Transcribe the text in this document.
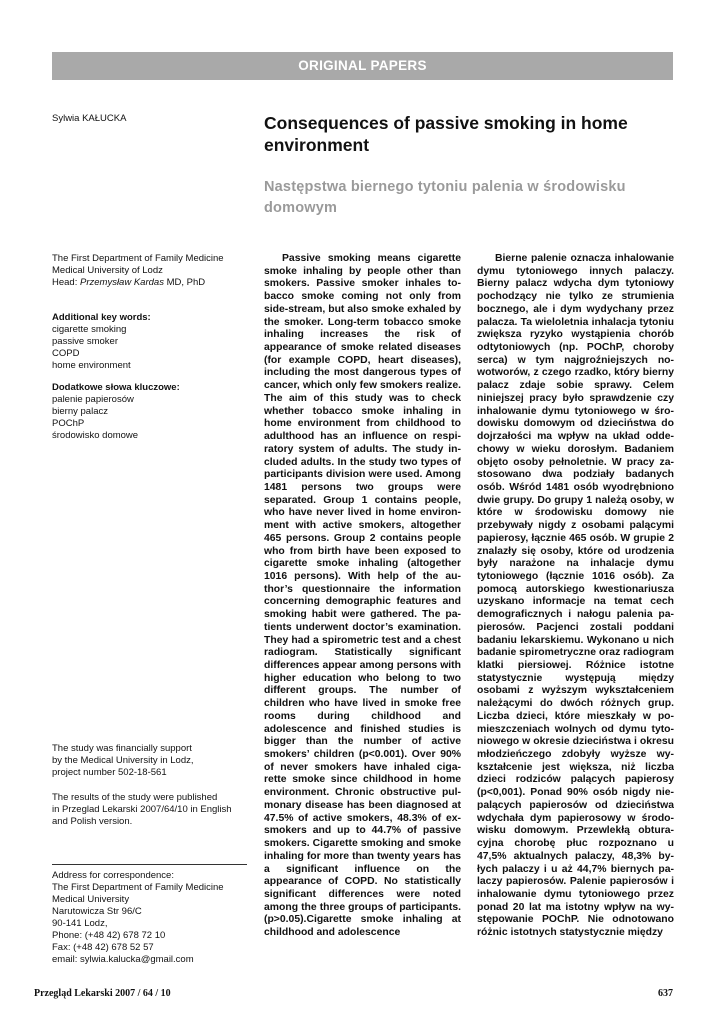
ORIGINAL PAPERS
Sylwia KAŁUCKA	Consequences of passive smoking in home environment
Następstwa biernego tytoniu palenia w środowisku domowym
The First Department of Family Medicine
Medical University of Lodz
Head: Przemysław Kardas MD, PhD
Additional key words:
cigarette smoking
passive smoker
COPD
home environment
Dodatkowe słowa kluczowe:
palenie papierosów
bierny palacz
POChP
środowisko domowe
The study was financially support
by the Medical University in Lodz,
project number 502-18-561
The results of the study were published
in Przeglad Lekarski 2007/64/10 in English
and Polish version.
Address for correspondence:
The First Department of Family Medicine
Medical University
Narutowicza Str 96/C
90-141 Lodz,
Phone: (+48 42) 678 72 10
Fax: (+48 42) 678 52 57
email: sylwia.kalucka@gmail.com

Passive smoking means cigarette smoke inhaling by people other than smokers. Passive smoker inhales tobacco smoke coming not only from side-stream, but also smoke exhaled by the smoker. Long-term tobacco smoke inhaling increases the risk of appearance of smoke related diseases (for example COPD, heart diseases), including the most dangerous types of cancer, which only few smokers realize. The aim of this study was to check whether tobacco smoke inhaling in home environment from childhood to adulthood has an influence on respiratory system of adults. The study included adults. In the study two types of participants division were used. Among 1481 persons two groups were separated. Group 1 contains people, who have never lived in home environment with active smokers, altogether 465 persons. Group 2 contains people who from birth have been exposed to cigarette smoke inhaling (altogether 1016 persons). With help of the author’s questionnaire the information concerning demographic features and smoking habit were gathered. The patients underwent doctor’s examination. They had a spirometric test and a chest radiogram. Statistically significant differences appear among persons with higher education who belong to two different groups. The number of children who have lived in smoke free rooms during childhood and adolescence and finished studies is bigger than the number of active smokers’ children (p<0.001). Over 90% of never smokers have inhaled cigarette smoke since childhood in home environment. Chronic obstructive pulmonary disease has been diagnosed at 47.5% of active smokers, 48.3% of ex-smokers and up to 44.7% of passive smokers. Cigarette smoking and smoke inhaling for more than twenty years has a significant influence on the appearance of COPD. No statistically significant differences were noted among the three groups of participants. (p>0.05).Cigarette smoke inhaling at childhood and adolescence

Bierne palenie oznacza inhalowanie dymu tytoniowego innych palaczy. Bierny palacz wdycha dym tytoniowy pochodzący nie tylko ze strumienia bocznego, ale i dym wydychany przez palacza. Ta wieloletnia inhalacja tytoniu zwiększa ryzyko wystąpienia chorób odtytoniowych (np. POChP, choroby serca) w tym najgroźniejszych nowotworów, z czego rzadko, który bierny palacz zdaje sobie sprawy. Celem niniejszej pracy było sprawdzenie czy inhalowanie dymu tytoniowego w środowisku domowym od dzieciństwa do dojrzałości ma wpływ na układ oddechowy w wieku dorosłym. Badaniem objęto osoby pełnoletnie. W pracy zastosowano dwa podziały badanych osób. Wśród 1481 osób wyodrębniono dwie grupy. Do grupy 1 należą osoby, w które w środowisku domowy nie przebywały nigdy z osobami palącymi papierosy, łącznie 465 osób. W grupie 2 znalazły się osoby, które od urodzenia były narażone na inhalacje dymu tytoniowego (łącznie 1016 osób). Za pomocą autorskiego kwestionariusza uzyskano informacje na temat cech demograficznych i nałogu palenia papierosów. Pacjenci zostali poddani badaniu lekarskiemu. Wykonano u nich badanie spirometryczne oraz radiogram klatki piersiowej. Różnice istotne statystycznie występują między osobami z wyższym wykształceniem należącymi do dwóch różnych grup. Liczba dzieci, które mieszkały w pomieszczeniach wolnych od dymu tytoniowego w okresie dzieciństwa i okresu młodzieńczego zdobyły wyższe wykształcenie jest większa, niż liczba dzieci rodziców palących papierosy (p<0,001). Ponad 90% osób nigdy niepalących papierosów od dzieciństwa wdychała dym papierosowy w środowisku domowym. Przewlekłą obturacyjna chorobę płuc rozpoznano u 47,5% aktualnych palaczy, 48,3% byłych palaczy i u aż 44,7% biernych palaczy papierosów. Palenie papierosów i inhalowanie dymu tytoniowego przez ponad 20 lat ma istotny wpływ na występowanie POChP. Nie odnotowano różnic istotnych statystycznie między

Przegląd Lekarski 2007 / 64 / 10	637
